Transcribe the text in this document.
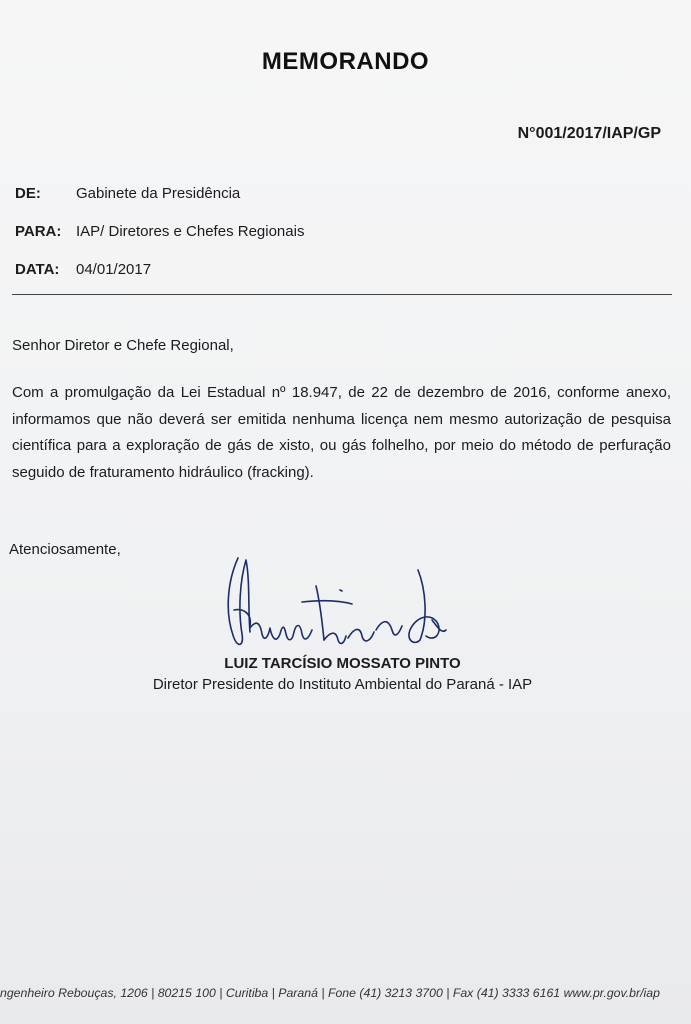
MEMORANDO
N°001/2017/IAP/GP
DE:	Gabinete da Presidência
PARA: IAP/ Diretores e Chefes Regionais
DATA:	04/01/2017
Senhor Diretor e Chefe Regional,
Com a promulgação da Lei Estadual nº 18.947, de 22 de dezembro de 2016, conforme anexo, informamos que não deverá ser emitida nenhuma licença nem mesmo autorização de pesquisa científica para a exploração de gás de xisto, ou gás folhelho, por meio do método de perfuração seguido de fraturamento hidráulico (fracking).
Atenciosamente,
LUIZ TARCÍSIO MOSSATO PINTO
Diretor Presidente do Instituto Ambiental do Paraná - IAP
ngenheiro Rebouças, 1206 | 80215 100 | Curitiba | Paraná | Fone (41) 3213 3700 | Fax (41) 3333 6161 www.pr.gov.br/iap
